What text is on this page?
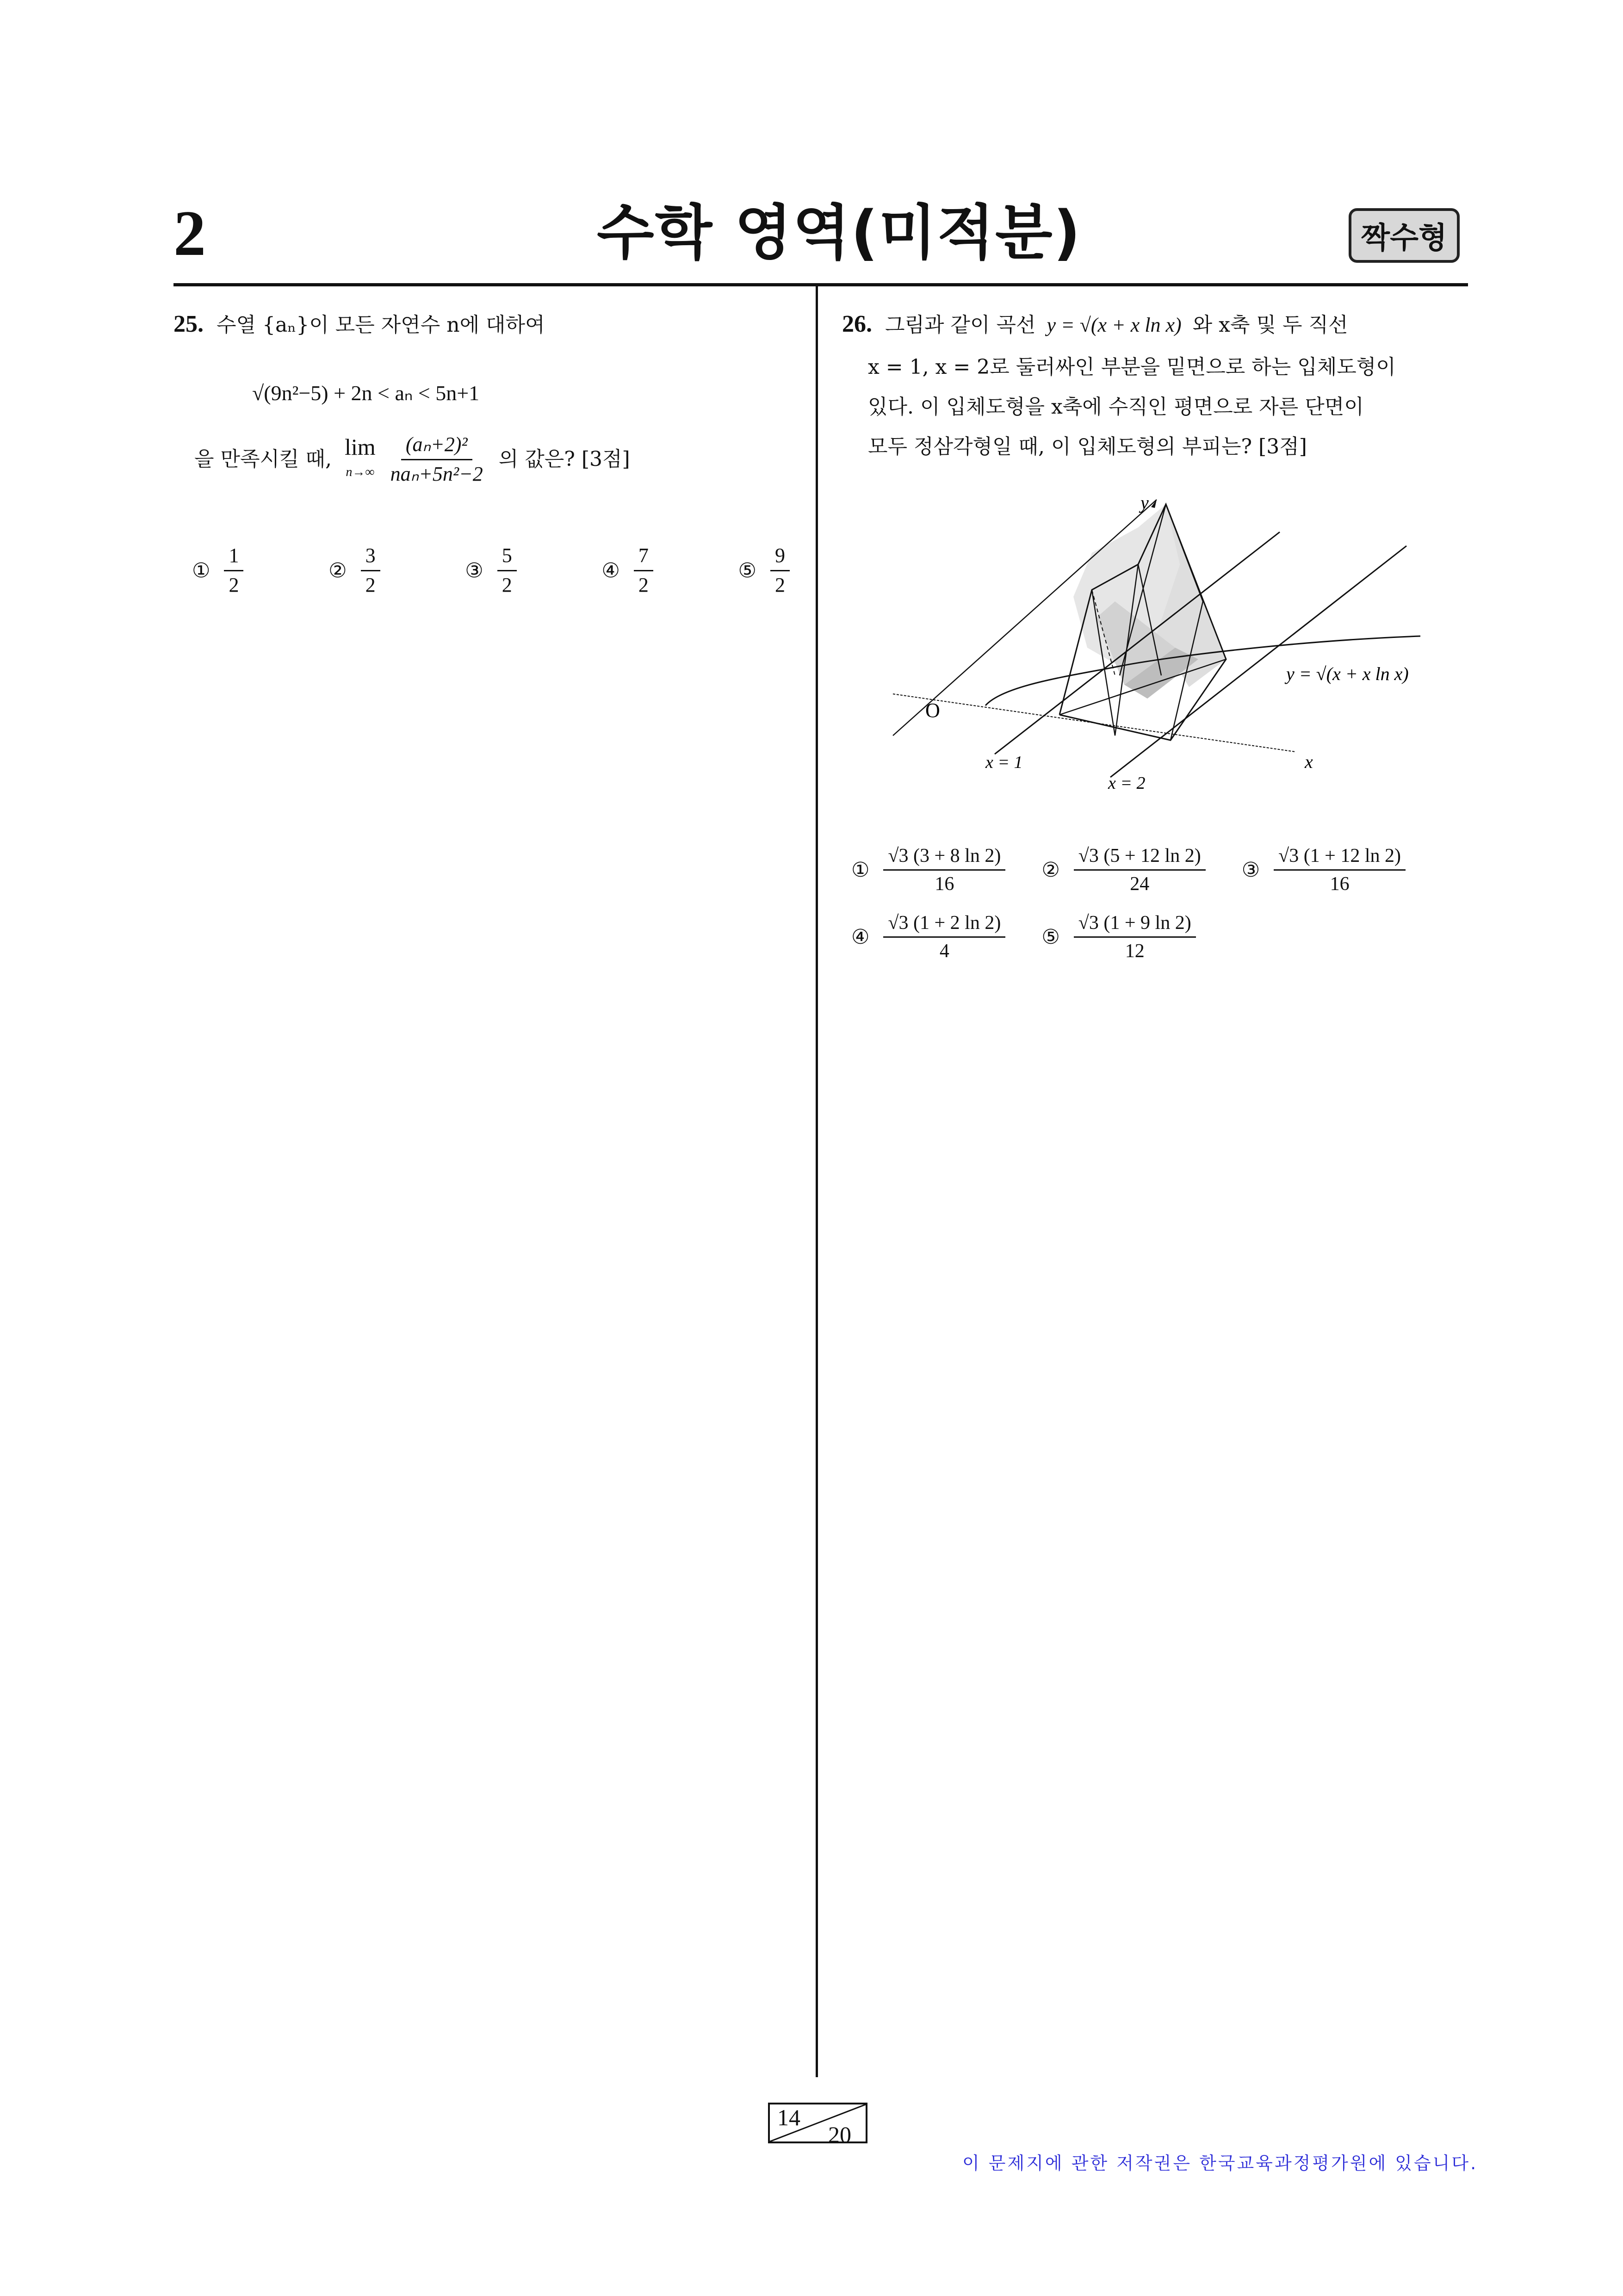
2	수학 영역(미적분)	짝수형
25. 수열 {aₙ}이 모든 자연수 n에 대하여
√(9n²−5) + 2n < aₙ < 5n+1
을 만족시킬 때, lim
$n\to\infty \frac{\text{(aₙ+2)²}}{\text{naₙ+5n²−2}}$ 의 값은? [3점]
① $\frac{1}{2}$	② $\frac{3}{2}$	③ $\frac{5}{2}$	④ $\frac{7}{2}$	⑤ $\frac{9}{2}$
26. 그림과 같이 곡선 y = √(x + x ln x) 와 x축 및 두 직선
x = 1, x = 2로 둘러싸인 부분을 밑면으로 하는 입체도형이
있다. 이 입체도형을 x축에 수직인 평면으로 자른 단면이
모두 정삼각형일 때, 이 입체도형의 부피는? [3점]
y
x
O
x = 1
x = 2
y = √(x + x ln x)
① $\frac{√3 (3 + 8 \ln 2)}{16}$ ② $\frac{√3 (5 + 12 \ln 2)}{24}$ ③ $\frac{√3 (1 + 12 \ln 2)}{16}$
④ $\frac{√3 (1 + 2 \ln 2)}{4}$ ⑤ $\frac{√3 (1 + 9 \ln 2)}{12}$
14
20
이 문제지에 관한 저작권은 한국교육과정평가원에 있습니다.
